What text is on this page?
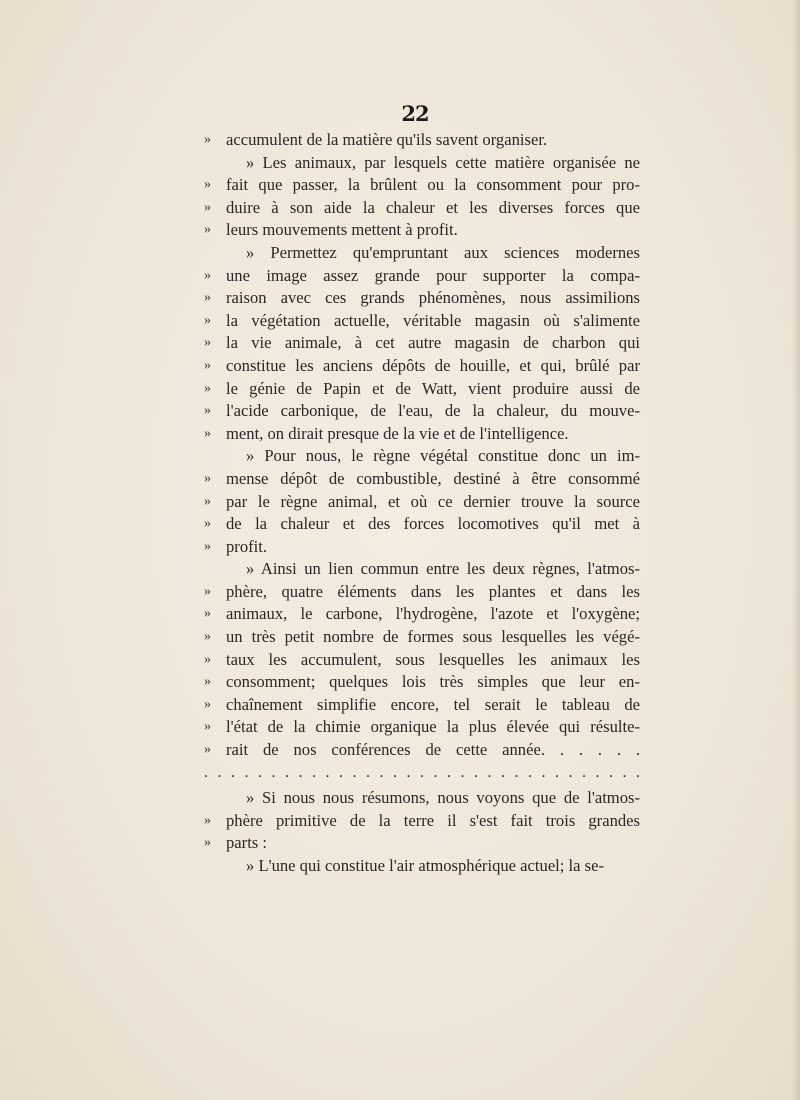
22
» accumulent de la matière qu'ils savent organiser.
» Les animaux, par lesquels cette matière organisée ne
» fait que passer, la brûlent ou la consomment pour pro-
» duire à son aide la chaleur et les diverses forces que
» leurs mouvements mettent à profit.
» Permettez qu'empruntant aux sciences modernes
» une image assez grande pour supporter la compa-
» raison avec ces grands phénomènes, nous assimilions
» la végétation actuelle, véritable magasin où s'alimente
» la vie animale, à cet autre magasin de charbon qui
» constitue les anciens dépôts de houille, et qui, brûlé par
» le génie de Papin et de Watt, vient produire aussi de
» l'acide carbonique, de l'eau, de la chaleur, du mouve-
» ment, on dirait presque de la vie et de l'intelligence.
» Pour nous, le règne végétal constitue donc un im-
» mense dépôt de combustible, destiné à être consommé
» par le règne animal, et où ce dernier trouve la source
» de la chaleur et des forces locomotives qu'il met à
» profit.
» Ainsi un lien commun entre les deux règnes, l'atmos-
» phère, quatre éléments dans les plantes et dans les
» animaux, le carbone, l'hydrogène, l'azote et l'oxygène;
» un très petit nombre de formes sous lesquelles les végé-
» taux les accumulent, sous lesquelles les animaux les
» consomment; quelques lois très simples que leur en-
» chaînement simplifie encore, tel serait le tableau de
» l'état de la chimie organique la plus élevée qui résulte-
» rait de nos conférences de cette année. . . . . .
. . . . . . . . . . . . . . . . . . . . . . . . . . . . . . . . .
» Si nous nous résumons, nous voyons que de l'atmos-
» phère primitive de la terre il s'est fait trois grandes
» parts :
» L'une qui constitue l'air atmosphérique actuel; la se-
